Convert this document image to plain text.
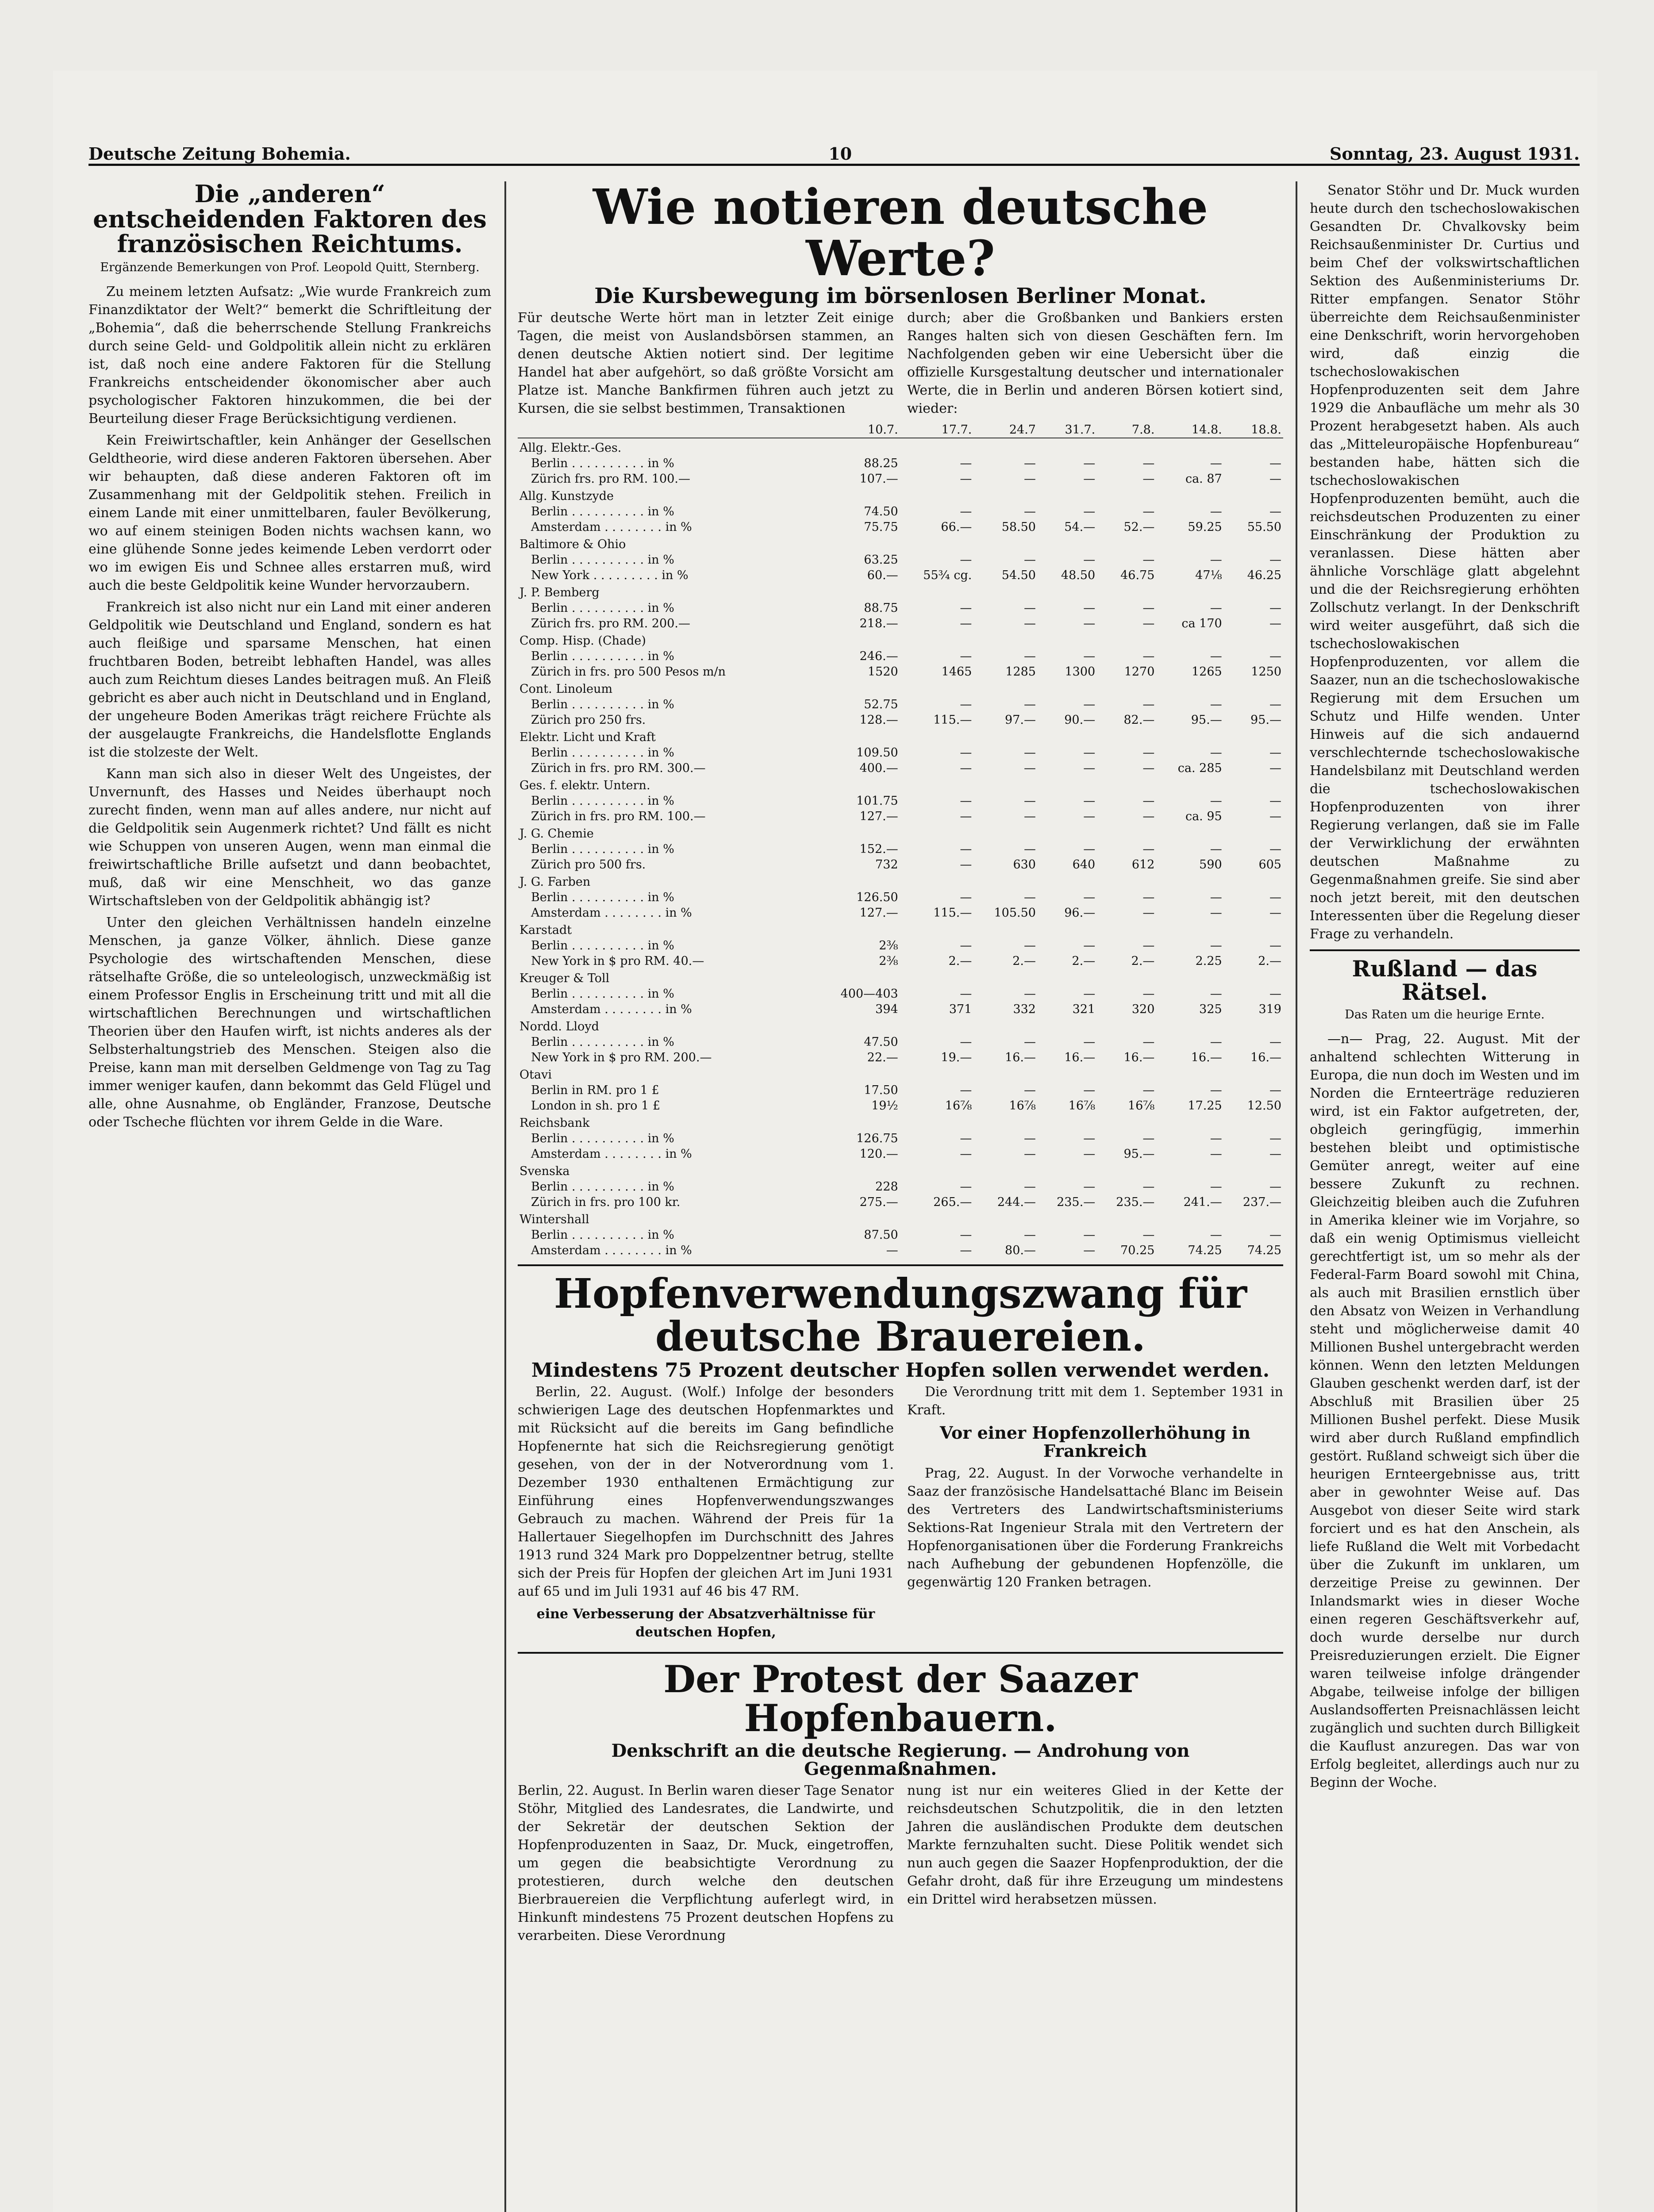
Deutsche Zeitung Bohemia.	10	Sonntag, 23. August 1931.
Die „anderen“ entscheidenden Faktoren des französischen Reichtums.
Ergänzende Bemerkungen von Prof. Leopold Quitt, Sternberg.

Zu meinem letzten Aufsatz: „Wie wurde Frankreich zum Finanzdiktator der Welt?“ bemerkt die Schriftleitung der „Bohemia“, daß die beherrschende Stellung Frankreichs durch seine Geld- und Goldpolitik allein nicht zu erklären ist, daß noch eine andere Faktoren für die Stellung Frankreichs entscheidender ökonomischer aber auch psychologischer Faktoren hinzukommen, die bei der Beurteilung dieser Frage Berücksichtigung verdienen.

Kein Freiwirtschaftler, kein Anhänger der Gesellschen Geldtheorie, wird diese anderen Faktoren übersehen. Aber wir behaupten, daß diese anderen Faktoren oft im Zusammenhang mit der Geldpolitik stehen. Freilich in einem Lande mit einer unmittelbaren, fauler Bevölkerung, wo auf einem steinigen Boden nichts wachsen kann, wo eine glühende Sonne jedes keimende Leben verdorrt oder wo im ewigen Eis und Schnee alles erstarren muß, wird auch die beste Geldpolitik keine Wunder hervorzaubern.

Frankreich ist also nicht nur ein Land mit einer anderen Geldpolitik wie Deutschland und England, sondern es hat auch fleißige und sparsame Menschen, hat einen fruchtbaren Boden, betreibt lebhaften Handel, was alles auch zum Reichtum dieses Landes beitragen muß. An Fleiß gebricht es aber auch nicht in Deutschland und in England, der ungeheure Boden Amerikas trägt reichere Früchte als der ausgelaugte Frankreichs, die Handelsflotte Englands ist die stolzeste der Welt.

Kann man sich also in dieser Welt des Ungeistes, der Unvernunft, des Hasses und Neides überhaupt noch zurecht finden, wenn man auf alles andere, nur nicht auf die Geldpolitik sein Augenmerk richtet? Und fällt es nicht wie Schuppen von unseren Augen, wenn man einmal die freiwirtschaftliche Brille aufsetzt und dann beobachtet, muß, daß wir eine Menschheit, wo das ganze Wirtschaftsleben von der Geldpolitik abhängig ist?

Unter den gleichen Verhältnissen handeln einzelne Menschen, ja ganze Völker, ähnlich. Diese ganze Psychologie des wirtschaftenden Menschen, diese rätselhafte Größe, die so unteleologisch, unzweckmäßig ist einem Professor Englis in Erscheinung tritt und mit all die wirtschaftlichen Berechnungen und wirtschaftlichen Theorien über den Haufen wirft, ist nichts anderes als der Selbsterhaltungstrieb des Menschen. Steigen also die Preise, kann man mit derselben Geldmenge von Tag zu Tag immer weniger kaufen, dann bekommt das Geld Flügel und alle, ohne Ausnahme, ob Engländer, Franzose, Deutsche oder Tscheche flüchten vor ihrem Gelde in die Ware.

Wie notieren deutsche Werte?
Die Kursbewegung im börsenlosen Berliner Monat.
Für deutsche Werte hört man in letzter Zeit einige Tagen, die meist von Auslandsbörsen stammen, an denen deutsche Aktien notiert sind. Der legitime Handel hat aber aufgehört, so daß größte Vorsicht am Platze ist. Manche Bankfirmen führen auch jetzt zu Kursen, die sie selbst bestimmen, Transaktionen
durch; aber die Großbanken und Bankiers ersten Ranges halten sich von diesen Geschäften fern. Im Nachfolgenden geben wir eine Uebersicht über die offizielle Kursgestaltung deutscher und internationaler Werte, die in Berlin und anderen Börsen kotiert sind, wieder:
	10.7.	17.7.	24.7	31.7.	7.8.	14.8.	18.8.
Allg. Elektr.-Ges.							
Berlin . . . . . . . . . . in %	88.25	—	—	—	—	—	—
Zürich frs. pro RM. 100.—	107.—	—	—	—	—	ca. 87	—
Allg. Kunstzyde							
Berlin . . . . . . . . . . in %	74.50	—	—	—	—	—	—
Amsterdam . . . . . . . . in %	75.75	66.—	58.50	54.—	52.—	59.25	55.50
Baltimore & Ohio							
Berlin . . . . . . . . . . in %	63.25	—	—	—	—	—	—
New York . . . . . . . . . in %	60.—	55¾ cg.	54.50	48.50	46.75	47⅛	46.25
J. P. Bemberg							
Berlin . . . . . . . . . . in %	88.75	—	—	—	—	—	—
Zürich frs. pro RM. 200.—	218.—	—	—	—	—	ca 170	—
Comp. Hisp. (Chade)							
Berlin . . . . . . . . . . in %	246.—	—	—	—	—	—	—
Zürich in frs. pro 500 Pesos m/n	1520	1465	1285	1300	1270	1265	1250
Cont. Linoleum							
Berlin . . . . . . . . . . in %	52.75	—	—	—	—	—	—
Zürich pro 250 frs.	128.—	115.—	97.—	90.—	82.—	95.—	95.—
Elektr. Licht und Kraft							
Berlin . . . . . . . . . . in %	109.50	—	—	—	—	—	—
Zürich in frs. pro RM. 300.—	400.—	—	—	—	—	ca. 285	—
Ges. f. elektr. Untern.							
Berlin . . . . . . . . . . in %	101.75	—	—	—	—	—	—
Zürich in frs. pro RM. 100.—	127.—	—	—	—	—	ca. 95	—
J. G. Chemie							
Berlin . . . . . . . . . . in %	152.—	—	—	—	—	—	—
Zürich pro 500 frs.	732	—	630	640	612	590	605
J. G. Farben							
Berlin . . . . . . . . . . in %	126.50	—	—	—	—	—	—
Amsterdam . . . . . . . . in %	127.—	115.—	105.50	96.—	—	—	—
Karstadt							
Berlin . . . . . . . . . . in %	2⅜	—	—	—	—	—	—
New York in $ pro RM. 40.—	2⅜	2.—	2.—	2.—	2.—	2.25	2.—
Kreuger & Toll							
Berlin . . . . . . . . . . in %	400—403	—	—	—	—	—	—
Amsterdam . . . . . . . . in %	394	371	332	321	320	325	319
Nordd. Lloyd							
Berlin . . . . . . . . . . in %	47.50	—	—	—	—	—	—
New York in $ pro RM. 200.—	22.—	19.—	16.—	16.—	16.—	16.—	16.—
Otavi							
Berlin in RM. pro 1 £	17.50	—	—	—	—	—	—
London in sh. pro 1 £	19½	16⅞	16⅞	16⅞	16⅞	17.25	12.50
Reichsbank							
Berlin . . . . . . . . . . in %	126.75	—	—	—	—	—	—
Amsterdam . . . . . . . . in %	120.—	—	—	—	95.—	—	—
Svenska							
Berlin . . . . . . . . . . in %	228	—	—	—	—	—	—
Zürich in frs. pro 100 kr.	275.—	265.—	244.—	235.—	235.—	241.—	237.—
Wintershall							
Berlin . . . . . . . . . . in %	87.50	—	—	—	—	—	—
Amsterdam . . . . . . . . in %	—	—	80.—	—	70.25	74.25	74.25
Hopfenverwendungszwang für deutsche Brauereien.
Mindestens 75 Prozent deutscher Hopfen sollen verwendet werden.

Berlin, 22. August. (Wolf.) Infolge der besonders schwierigen Lage des deutschen Hopfenmarktes und mit Rücksicht auf die bereits im Gang befindliche Hopfenernte hat sich die Reichsregierung genötigt gesehen, von der in der Notverordnung vom 1. Dezember 1930 enthaltenen Ermächtigung zur Einführung eines Hopfenverwendungszwanges Gebrauch zu machen. Während der Preis für 1a Hallertauer Siegelhopfen im Durchschnitt des Jahres 1913 rund 324 Mark pro Doppelzentner betrug, stellte sich der Preis für Hopfen der gleichen Art im Juni 1931 auf 65 und im Juli 1931 auf 46 bis 47 RM.

eine Verbesserung der Absatzverhältnisse für deutschen Hopfen,

Die Verordnung tritt mit dem 1. September 1931 in Kraft.

Vor einer Hopfenzollerhöhung in Frankreich

Prag, 22. August. In der Vorwoche verhandelte in Saaz der französische Handelsattaché Blanc im Beisein des Vertreters des Landwirtschaftsministeriums Sektions-Rat Ingenieur Strala mit den Vertretern der Hopfenorganisationen über die Forderung Frankreichs nach Aufhebung der gebundenen Hopfenzölle, die gegenwärtig 120 Franken betragen.

Der Protest der Saazer Hopfenbauern.
Denkschrift an die deutsche Regierung. — Androhung von Gegenmaßnahmen.
Berlin, 22. August. In Berlin waren dieser Tage Senator Stöhr, Mitglied des Landesrates, die Landwirte, und der Sekretär der deutschen Sektion der Hopfenproduzenten in Saaz, Dr. Muck, eingetroffen, um gegen die beabsichtigte Verordnung zu protestieren, durch welche den deutschen Bierbrauereien die Verpflichtung auferlegt wird, in Hinkunft mindestens 75 Prozent deutschen Hopfens zu verarbeiten. Diese Verordnung
nung ist nur ein weiteres Glied in der Kette der reichsdeutschen Schutzpolitik, die in den letzten Jahren die ausländischen Produkte dem deutschen Markte fernzuhalten sucht. Diese Politik wendet sich nun auch gegen die Saazer Hopfenproduktion, der die Gefahr droht, daß für ihre Erzeugung um mindestens ein Drittel wird herabsetzen müssen.

Senator Stöhr und Dr. Muck wurden heute durch den tschechoslowakischen Gesandten Dr. Chvalkovsky beim Reichsaußenminister Dr. Curtius und beim Chef der volkswirtschaftlichen Sektion des Außenministeriums Dr. Ritter empfangen. Senator Stöhr überreichte dem Reichsaußenminister eine Denkschrift, worin hervorgehoben wird, daß einzig die tschechoslowakischen Hopfenproduzenten seit dem Jahre 1929 die Anbaufläche um mehr als 30 Prozent herabgesetzt haben. Als auch das „Mitteleuropäische Hopfenbureau“ bestanden habe, hätten sich die tschechoslowakischen Hopfenproduzenten bemüht, auch die reichsdeutschen Produzenten zu einer Einschränkung der Produktion zu veranlassen. Diese hätten aber ähnliche Vorschläge glatt abgelehnt und die der Reichsregierung erhöhten Zollschutz verlangt. In der Denkschrift wird weiter ausgeführt, daß sich die tschechoslowakischen Hopfenproduzenten, vor allem die Saazer, nun an die tschechoslowakische Regierung mit dem Ersuchen um Schutz und Hilfe wenden. Unter Hinweis auf die sich andauernd verschlechternde tschechoslowakische Handelsbilanz mit Deutschland werden die tschechoslowakischen Hopfenproduzenten von ihrer Regierung verlangen, daß sie im Falle der Verwirklichung der erwähnten deutschen Maßnahme zu Gegenmaßnahmen greife. Sie sind aber noch jetzt bereit, mit den deutschen Interessenten über die Regelung dieser Frage zu verhandeln.

Rußland — das Rätsel.
Das Raten um die heurige Ernte.

—n— Prag, 22. August. Mit der anhaltend schlechten Witterung in Europa, die nun doch im Westen und im Norden die Ernteerträge reduzieren wird, ist ein Faktor aufgetreten, der, obgleich geringfügig, immerhin bestehen bleibt und optimistische Gemüter anregt, weiter auf eine bessere Zukunft zu rechnen. Gleichzeitig bleiben auch die Zufuhren in Amerika kleiner wie im Vorjahre, so daß ein wenig Optimismus vielleicht gerechtfertigt ist, um so mehr als der Federal-Farm Board sowohl mit China, als auch mit Brasilien ernstlich über den Absatz von Weizen in Verhandlung steht und möglicherweise damit 40 Millionen Bushel untergebracht werden können. Wenn den letzten Meldungen Glauben geschenkt werden darf, ist der Abschluß mit Brasilien über 25 Millionen Bushel perfekt. Diese Musik wird aber durch Rußland empfindlich gestört. Rußland schweigt sich über die heurigen Ernteergebnisse aus, tritt aber in gewohnter Weise auf. Das Ausgebot von dieser Seite wird stark forciert und es hat den Anschein, als liefe Rußland die Welt mit Vorbedacht über die Zukunft im unklaren, um derzeitige Preise zu gewinnen. Der Inlandsmarkt wies in dieser Woche einen regeren Geschäftsverkehr auf, doch wurde derselbe nur durch Preisreduzierungen erzielt. Die Eigner waren teilweise infolge drängender Abgabe, teilweise infolge der billigen Auslandsofferten Preisnachlässen leicht zugänglich und suchten durch Billigkeit die Kauflust anzuregen. Das war von Erfolg begleitet, allerdings auch nur zu Beginn der Woche.
